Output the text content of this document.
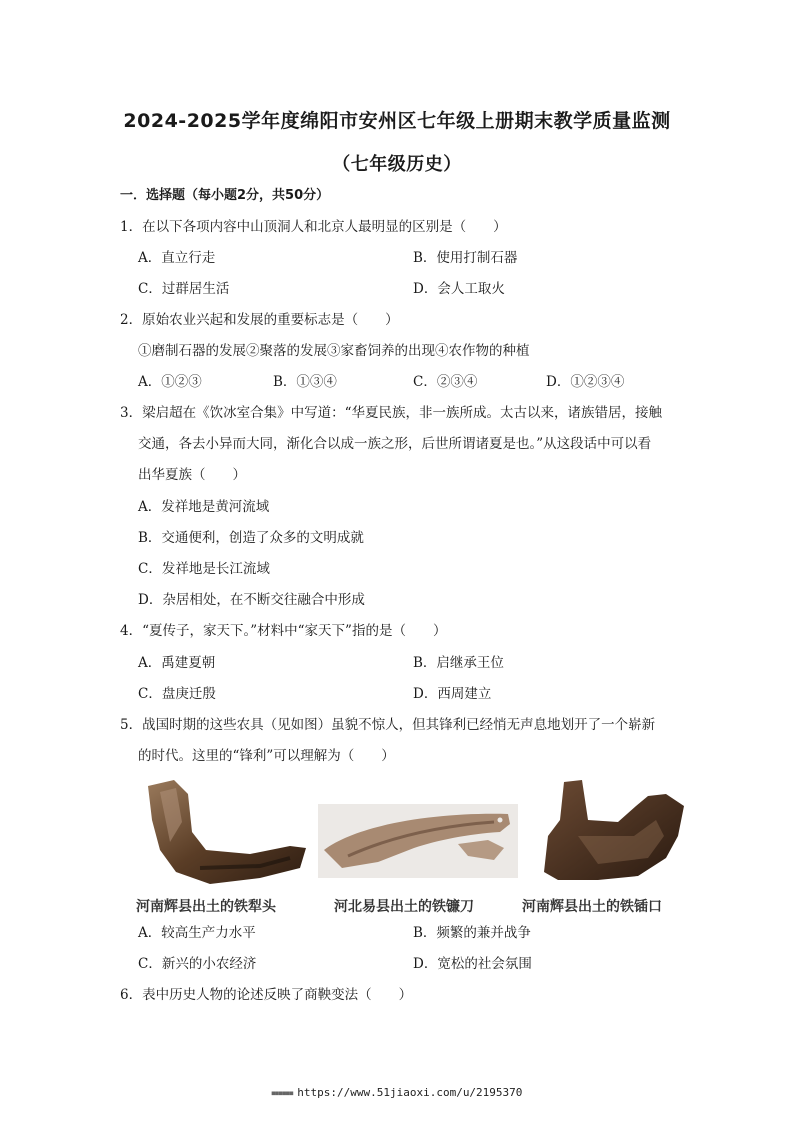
2024-2025学年度绵阳市安州区七年级上册期末教学质量监测
（七年级历史）
一．选择题（每小题2分，共50分）
1．在以下各项内容中山顶洞人和北京人最明显的区别是（　　）
A．直立行走	B．使用打制石器
C．过群居生活	D．会人工取火
2．原始农业兴起和发展的重要标志是（　　）
①磨制石器的发展②聚落的发展③家畜饲养的出现④农作物的种植
A．①②③	B．①③④	C．②③④	D．①②③④
3．梁启超在《饮冰室合集》中写道：“华夏民族，非一族所成。太古以来，诸族错居，接触
交通，各去小异而大同，渐化合以成一族之形，后世所谓诸夏是也。”从这段话中可以看
出华夏族（　　）
A．发祥地是黄河流域
B．交通便利，创造了众多的文明成就
C．发祥地是长江流域
D．杂居相处，在不断交往融合中形成
4．“夏传子，家天下。”材料中“家天下”指的是（　　）
A．禹建夏朝	B．启继承王位
C．盘庚迁殷	D．西周建立
5．战国时期的这些农具（见如图）虽貌不惊人，但其锋利已经悄无声息地划开了一个崭新
的时代。这里的“锋利”可以理解为（　　）
河南辉县出土的铁犁头	河北易县出土的铁镰刀	河南辉县出土的铁锸口
A．较高生产力水平	B．频繁的兼并战争
C．新兴的小农经济	D．宽松的社会氛围
6．表中历史人物的论述反映了商鞅变法（　　）
■■■■■■ https://www.51jiaoxi.com/u/2195370
